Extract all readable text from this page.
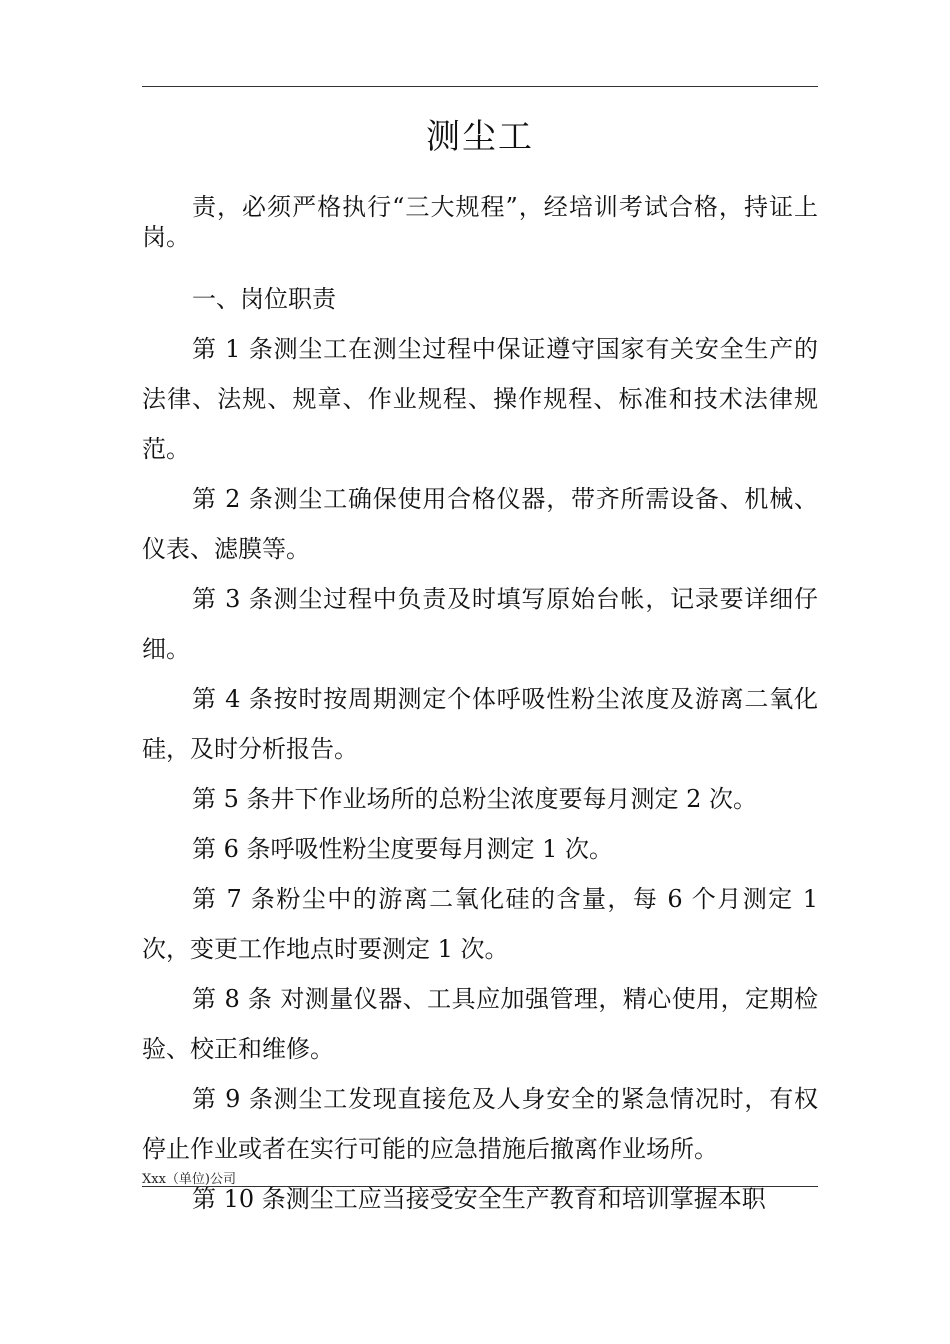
测尘工

责，必须严格执行“三大规程”，经培训考试合格，持证上岗。

一、岗位职责

第 1 条测尘工在测尘过程中保证遵守国家有关安全生产的法律、法规、规章、作业规程、操作规程、标准和技术法律规范。

第 2 条测尘工确保使用合格仪器，带齐所需设备、机械、仪表、滤膜等。

第 3 条测尘过程中负责及时填写原始台帐，记录要详细仔细。

第 4 条按时按周期测定个体呼吸性粉尘浓度及游离二氧化硅，及时分析报告。

第 5 条井下作业场所的总粉尘浓度要每月测定 2 次。

第 6 条呼吸性粉尘度要每月测定 1 次。

第 7 条粉尘中的游离二氧化硅的含量，每 6 个月测定 1 次，变更工作地点时要测定 1 次。

第 8 条 对测量仪器、工具应加强管理，精心使用，定期检验、校正和维修。

第 9 条测尘工发现直接危及人身安全的紧急情况时，有权停止作业或者在实行可能的应急措施后撤离作业场所。

第 10 条测尘工应当接受安全生产教育和培训掌握本职

Xxx（单位)公司
